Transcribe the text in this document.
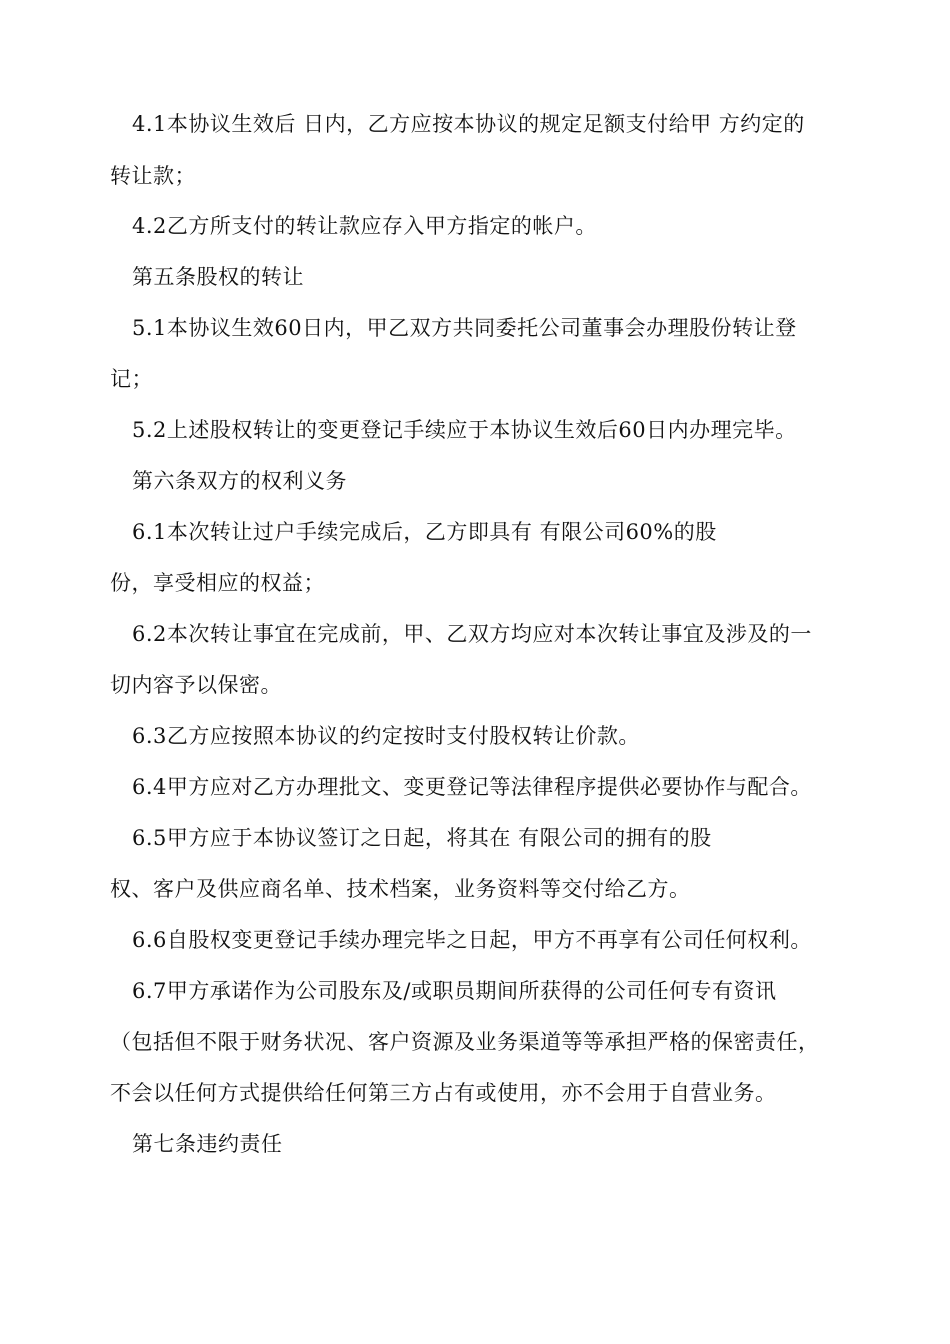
4.1本协议生效后 日内，乙方应按本协议的规定足额支付给甲 方约定的
转让款；
4.2乙方所支付的转让款应存入甲方指定的帐户。
第五条股权的转让
5.1本协议生效60日内，甲乙双方共同委托公司董事会办理股份转让登
记；
5.2上述股权转让的变更登记手续应于本协议生效后60日内办理完毕。
第六条双方的权利义务
6.1本次转让过户手续完成后，乙方即具有 有限公司60%的股
份，享受相应的权益；
6.2本次转让事宜在完成前，甲、乙双方均应对本次转让事宜及涉及的一
切内容予以保密。
6.3乙方应按照本协议的约定按时支付股权转让价款。
6.4甲方应对乙方办理批文、变更登记等法律程序提供必要协作与配合。
6.5甲方应于本协议签订之日起，将其在 有限公司的拥有的股
权、客户及供应商名单、技术档案，业务资料等交付给乙方。
6.6自股权变更登记手续办理完毕之日起，甲方不再享有公司任何权利。
6.7甲方承诺作为公司股东及/或职员期间所获得的公司任何专有资讯
（包括但不限于财务状况、客户资源及业务渠道等等承担严格的保密责任，
不会以任何方式提供给任何第三方占有或使用，亦不会用于自营业务。
第七条违约责任
